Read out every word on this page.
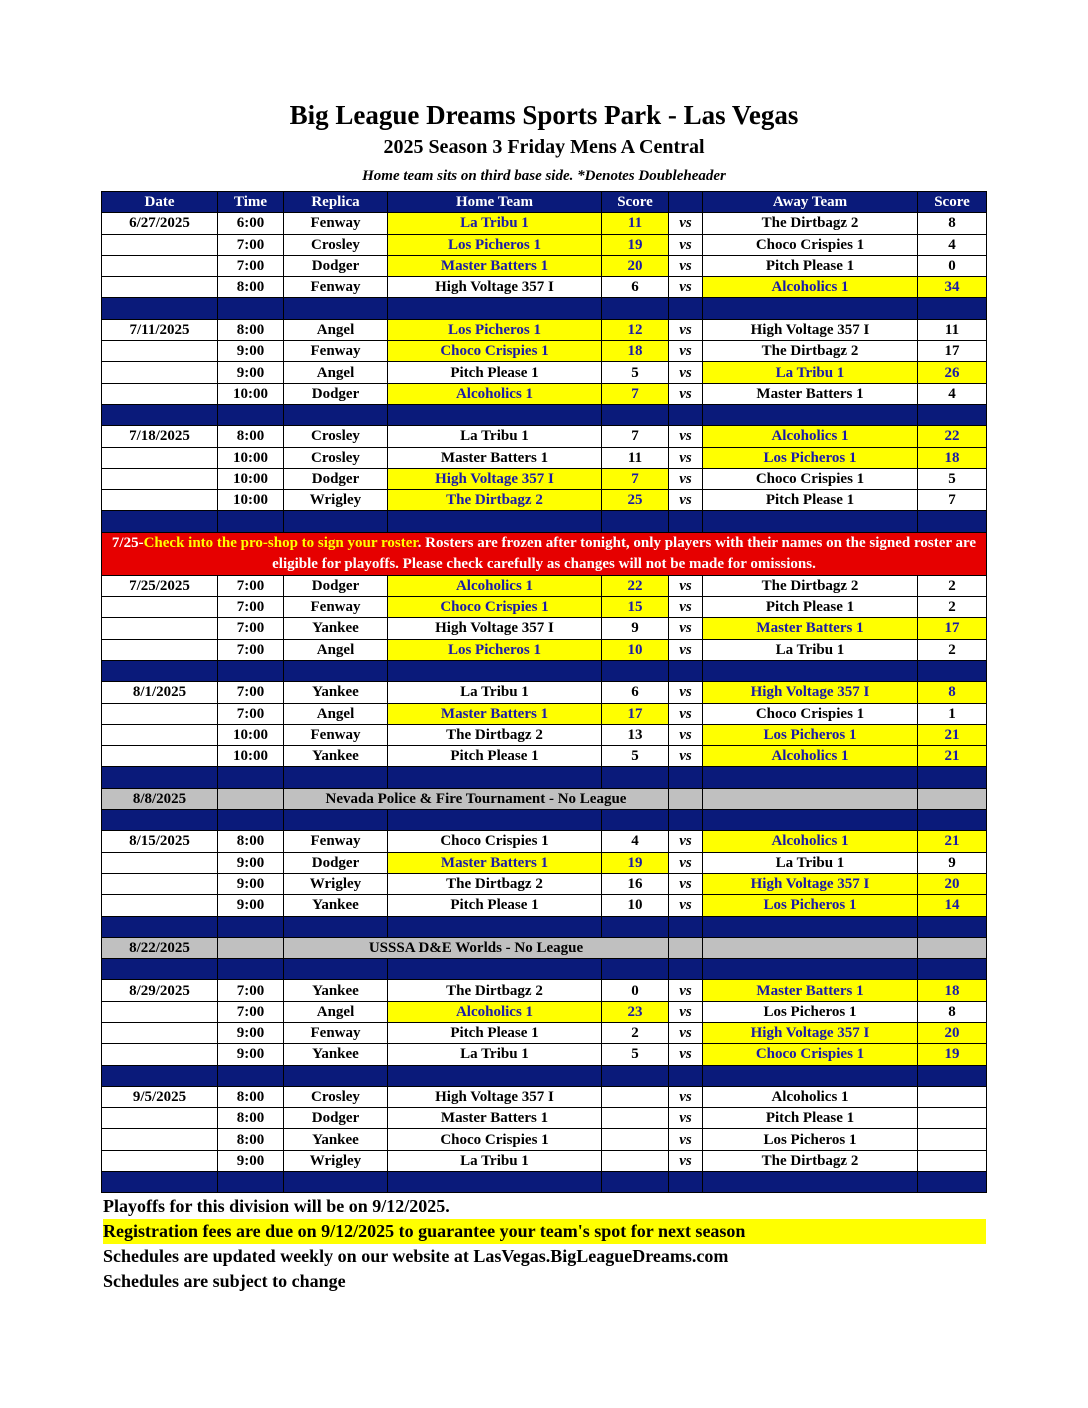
Big League Dreams Sports Park - Las Vegas
2025 Season 3 Friday Mens A Central
Home team sits on third base side. *Denotes Doubleheader
Date	Time	Replica	Home Team	Score		Away Team	Score
6/27/2025	6:00	Fenway	La Tribu 1	11	vs	The Dirtbagz 2	8
	7:00	Crosley	Los Picheros 1	19	vs	Choco Crispies 1	4
	7:00	Dodger	Master Batters 1	20	vs	Pitch Please 1	0
	8:00	Fenway	High Voltage 357 I	6	vs	Alcoholics 1	34

7/11/2025	8:00	Angel	Los Picheros 1	12	vs	High Voltage 357 I	11
	9:00	Fenway	Choco Crispies 1	18	vs	The Dirtbagz 2	17
	9:00	Angel	Pitch Please 1	5	vs	La Tribu 1	26
	10:00	Dodger	Alcoholics 1	7	vs	Master Batters 1	4

7/18/2025	8:00	Crosley	La Tribu 1	7	vs	Alcoholics 1	22
	10:00	Crosley	Master Batters 1	11	vs	Los Picheros 1	18
	10:00	Dodger	High Voltage 357 I	7	vs	Choco Crispies 1	5
	10:00	Wrigley	The Dirtbagz 2	25	vs	Pitch Please 1	7

7/25-Check into the pro-shop to sign your roster. Rosters are frozen after tonight, only players with their names on the signed roster are eligible for playoffs. Please check carefully as changes will not be made for omissions.							
7/25/2025	7:00	Dodger	Alcoholics 1	22	vs	The Dirtbagz 2	2
	7:00	Fenway	Choco Crispies 1	15	vs	Pitch Please 1	2
	7:00	Yankee	High Voltage 357 I	9	vs	Master Batters 1	17
	7:00	Angel	Los Picheros 1	10	vs	La Tribu 1	2

8/1/2025	7:00	Yankee	La Tribu 1	6	vs	High Voltage 357 I	8
	7:00	Angel	Master Batters 1	17	vs	Choco Crispies 1	1
	10:00	Fenway	The Dirtbagz 2	13	vs	Los Picheros 1	21
	10:00	Yankee	Pitch Please 1	5	vs	Alcoholics 1	21

8/8/2025		Nevada Police & Fire Tournament - No League					

8/15/2025	8:00	Fenway	Choco Crispies 1	4	vs	Alcoholics 1	21
	9:00	Dodger	Master Batters 1	19	vs	La Tribu 1	9
	9:00	Wrigley	The Dirtbagz 2	16	vs	High Voltage 357 I	20
	9:00	Yankee	Pitch Please 1	10	vs	Los Picheros 1	14

8/22/2025		USSSA D&E Worlds - No League					

8/29/2025	7:00	Yankee	The Dirtbagz 2	0	vs	Master Batters 1	18
	7:00	Angel	Alcoholics 1	23	vs	Los Picheros 1	8
	9:00	Fenway	Pitch Please 1	2	vs	High Voltage 357 I	20
	9:00	Yankee	La Tribu 1	5	vs	Choco Crispies 1	19

9/5/2025	8:00	Crosley	High Voltage 357 I		vs	Alcoholics 1	
	8:00	Dodger	Master Batters 1		vs	Pitch Please 1	
	8:00	Yankee	Choco Crispies 1		vs	Los Picheros 1	
	9:00	Wrigley	La Tribu 1		vs	The Dirtbagz 2	

Playoffs for this division will be on 9/12/2025.
Registration fees are due on 9/12/2025 to guarantee your team's spot for next season
Schedules are updated weekly on our website at LasVegas.BigLeagueDreams.com
Schedules are subject to change
